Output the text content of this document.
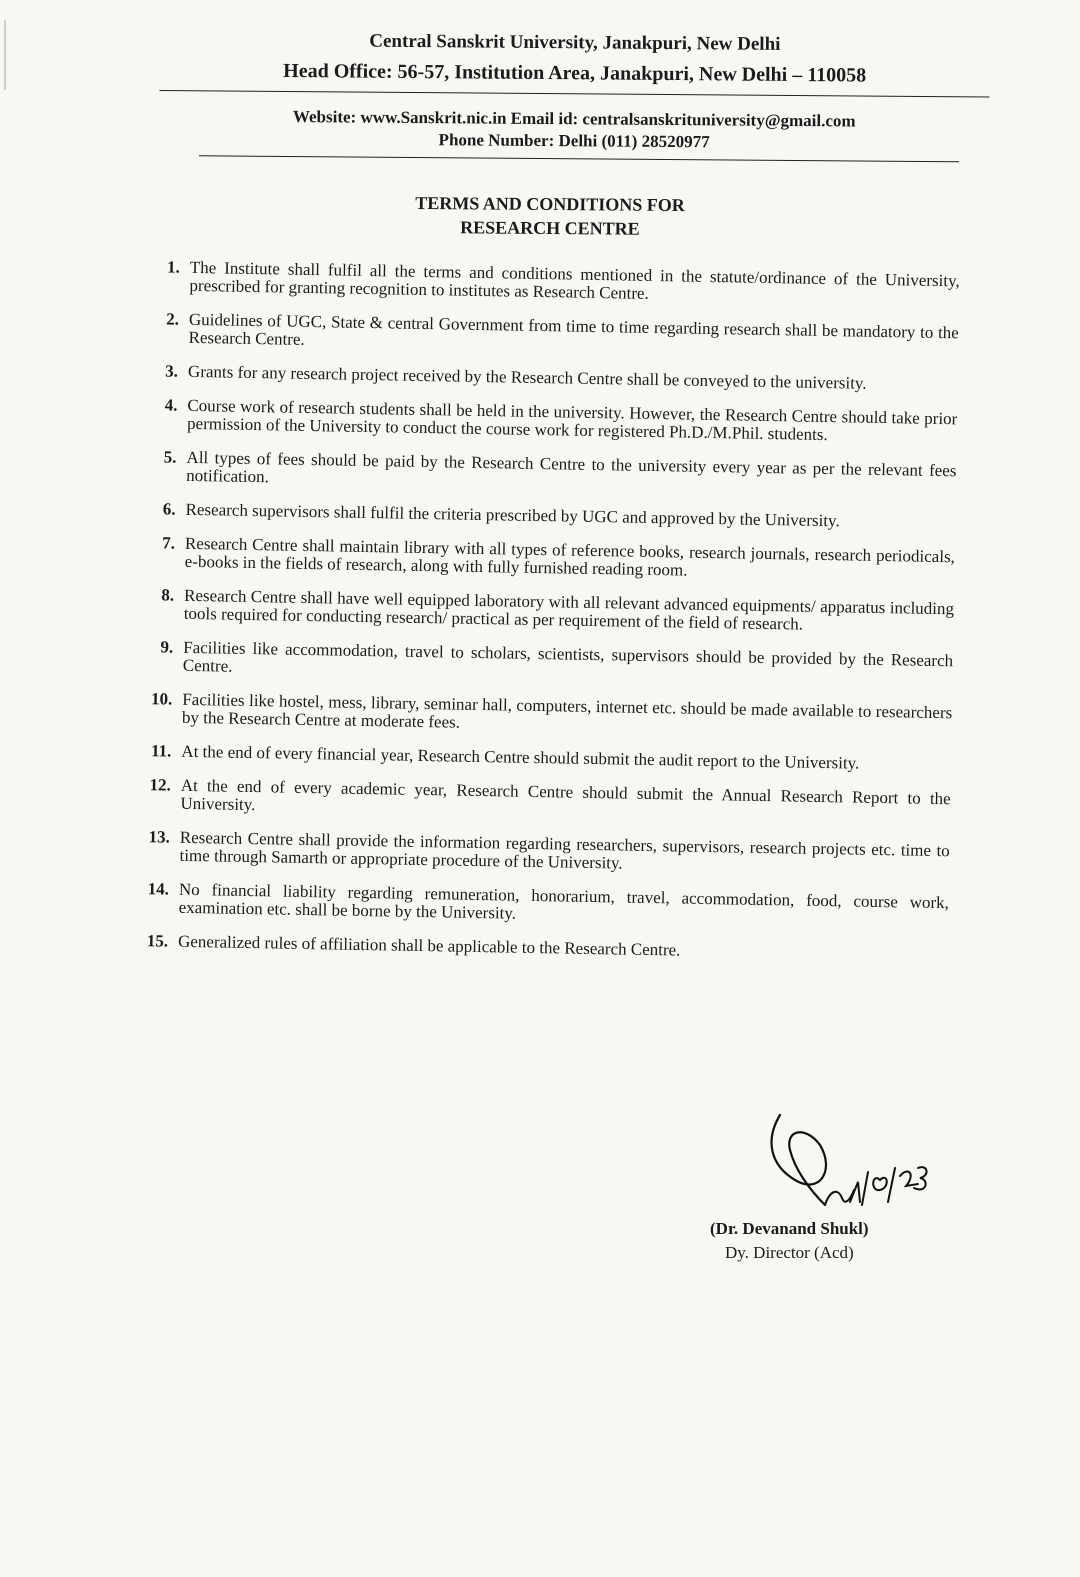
Central Sanskrit University, Janakpuri, New Delhi
Head Office: 56-57, Institution Area, Janakpuri, New Delhi – 110058
Website: www.Sanskrit.nic.in Email id: centralsanskrituniversity@gmail.com
Phone Number: Delhi (011) 28520977
TERMS AND CONDITIONS FOR
RESEARCH CENTRE
1. The Institute shall fulfil all the terms and conditions mentioned in the statute/ordinance of the University, prescribed for granting recognition to institutes as Research Centre.
2. Guidelines of UGC, State & central Government from time to time regarding research shall be mandatory to the Research Centre.
3. Grants for any research project received by the Research Centre shall be conveyed to the university.
4. Course work of research students shall be held in the university. However, the Research Centre should take prior permission of the University to conduct the course work for registered Ph.D./M.Phil. students.
5. All types of fees should be paid by the Research Centre to the university every year as per the relevant fees notification.
6. Research supervisors shall fulfil the criteria prescribed by UGC and approved by the University.
7. Research Centre shall maintain library with all types of reference books, research journals, research periodicals, e-books in the fields of research, along with fully furnished reading room.
8. Research Centre shall have well equipped laboratory with all relevant advanced equipments/ apparatus including tools required for conducting research/ practical as per requirement of the field of research.
9. Facilities like accommodation, travel to scholars, scientists, supervisors should be provided by the Research Centre.
10. Facilities like hostel, mess, library, seminar hall, computers, internet etc. should be made available to researchers by the Research Centre at moderate fees.
11. At the end of every financial year, Research Centre should submit the audit report to the University.
12. At the end of every academic year, Research Centre should submit the Annual Research Report to the University.
13. Research Centre shall provide the information regarding researchers, supervisors, research projects etc. time to time through Samarth or appropriate procedure of the University.
14. No financial liability regarding remuneration, honorarium, travel, accommodation, food, course work, examination etc. shall be borne by the University.
15. Generalized rules of affiliation shall be applicable to the Research Centre.
(Dr. Devanand Shukl)
Dy. Director (Acd)
